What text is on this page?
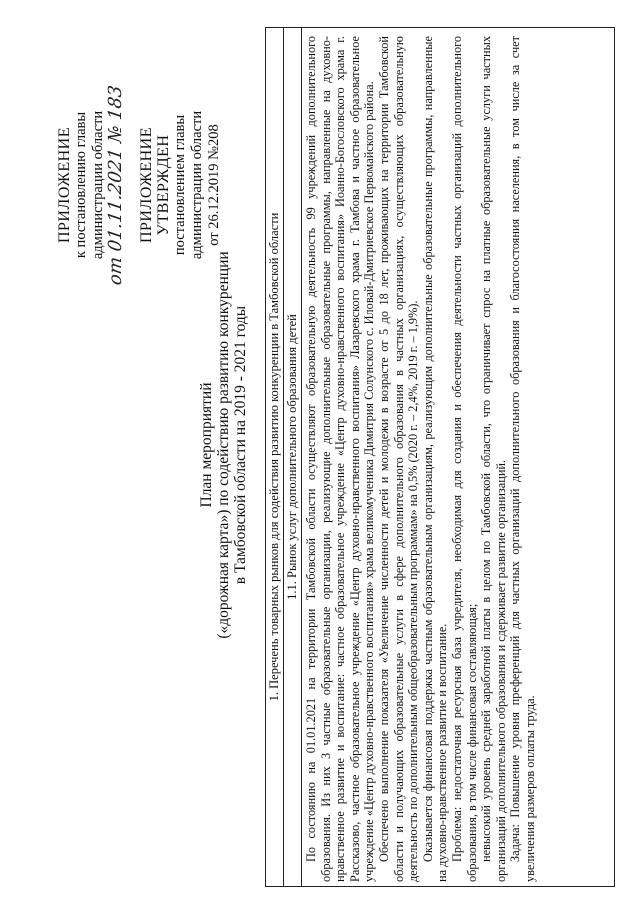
ПРИЛОЖЕНИЕ к постановлению главы администрации области от 01.11.2021 № 183 ПРИЛОЖЕНИЕ УТВЕРЖДЕН постановлением главы администрации области от 26.12.2019 №208
План мероприятий («дорожная карта») по содействию развитию конкуренции в Тамбовской области на 2019 - 2021 годы 1. Перечень товарных рынков для содействия развитию конкуренции в Тамбовской области 1.1. Рынок услуг дополнительного образования детей По состоянию на 01.01.2021 на территории Тамбовской области осуществляют образовательную деятельность 99 учреждений дополнительного образования. Из них 3 частные образовательные организации, реализующие дополнительные образовательные программы, направленные на духовно-нравственное развитие и воспитание: частное образовательное учреждение «Центр духовно-нравственного воспитания» Иоанно-Богословского храма г. Рассказово, частное образовательное учреждение «Центр духовно-нравственного воспитания» Лазаревского храма г. Тамбова и частное образовательное учреждение «Центр духовно-нравственного воспитания» храма великомученика Димитрия Солунского с. Иловай-Дмитриевское Первомайского района. Обеспечено выполнение показателя «Увеличение численности детей и молодежи в возрасте от 5 до 18 лет, проживающих на территории Тамбовской области и получающих образовательные услуги в сфере дополнительного образования в частных организациях, осуществляющих образовательную деятельность по дополнительным общеобразовательным программам» на 0,5% (2020 г. – 2,4%, 2019 г. – 1,9%). Оказывается финансовая поддержка частным образовательным организациям, реализующим дополнительные образовательные программы, направленные на духовно-нравственное развитие и воспитание. Проблема: недостаточная ресурсная база учредителя, необходимая для создания и обеспечения деятельности частных организаций дополнительного образования, в том числе финансовая составляющая; невысокий уровень средней заработной платы в целом по Тамбовской области, что ограничивает спрос на платные образовательные услуги частных организаций дополнительного образования и сдерживает развитие организаций. Задача: Повышение уровня преференций для частных организаций дополнительного образования и благосостояния населения, в том числе за счет увеличения размеров оплаты труда.
